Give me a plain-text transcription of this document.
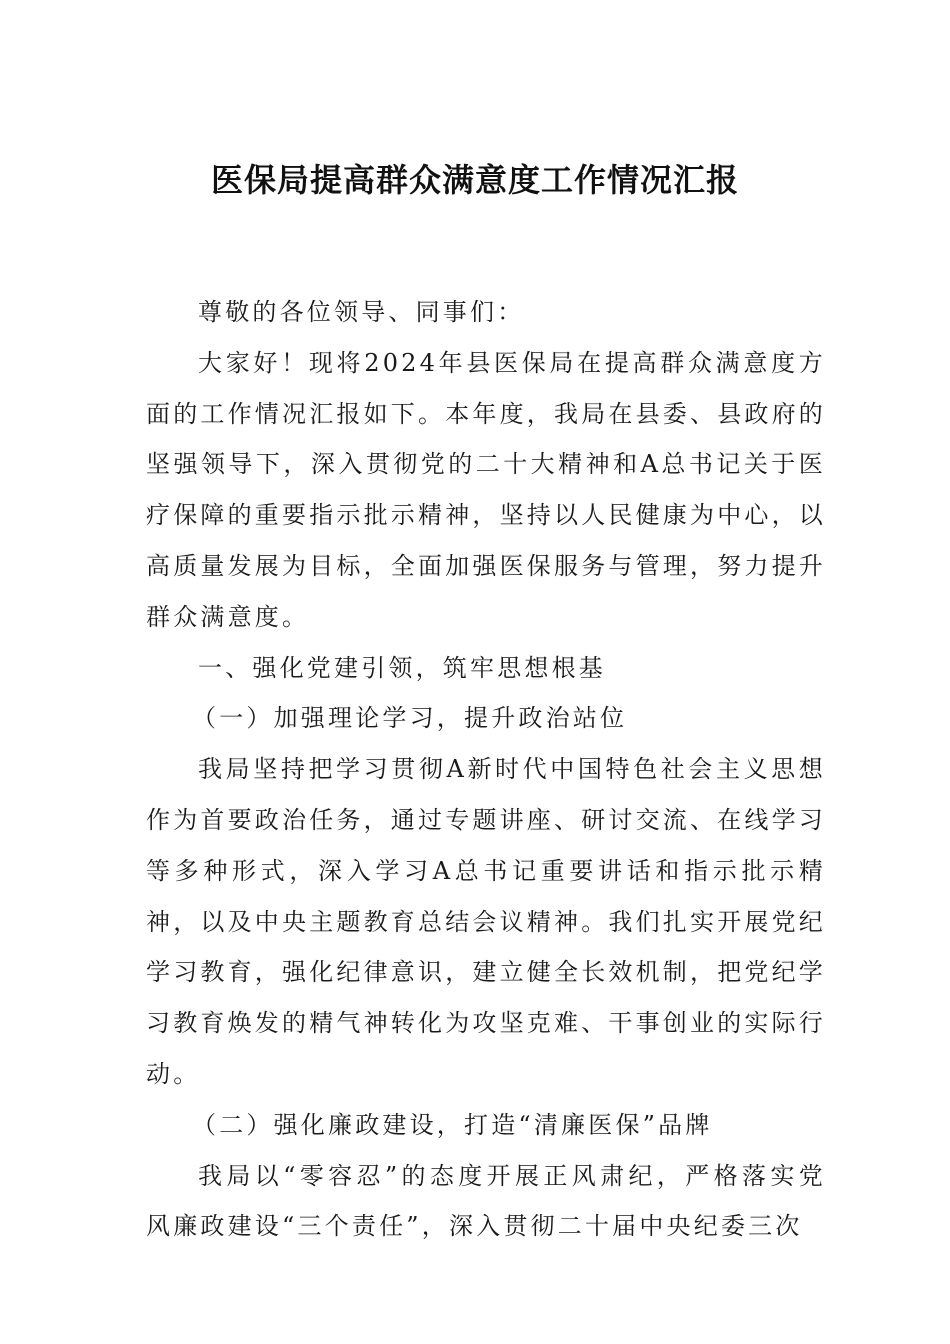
医保局提高群众满意度工作情况汇报

尊敬的各位领导、同事们：

大家好！现将2024年县医保局在提高群众满意度方面的工作情况汇报如下。本年度，我局在县委、县政府的坚强领导下，深入贯彻党的二十大精神和A总书记关于医疗保障的重要指示批示精神，坚持以人民健康为中心，以高质量发展为目标，全面加强医保服务与管理，努力提升群众满意度。

一、强化党建引领，筑牢思想根基

（一）加强理论学习，提升政治站位

我局坚持把学习贯彻A新时代中国特色社会主义思想作为首要政治任务，通过专题讲座、研讨交流、在线学习等多种形式，深入学习A总书记重要讲话和指示批示精神，以及中央主题教育总结会议精神。我们扎实开展党纪学习教育，强化纪律意识，建立健全长效机制，把党纪学习教育焕发的精气神转化为攻坚克难、干事创业的实际行动。

（二）强化廉政建设，打造“清廉医保”品牌

我局以“零容忍”的态度开展正风肃纪，严格落实党风廉政建设“三个责任”，深入贯彻二十届中央纪委三次
